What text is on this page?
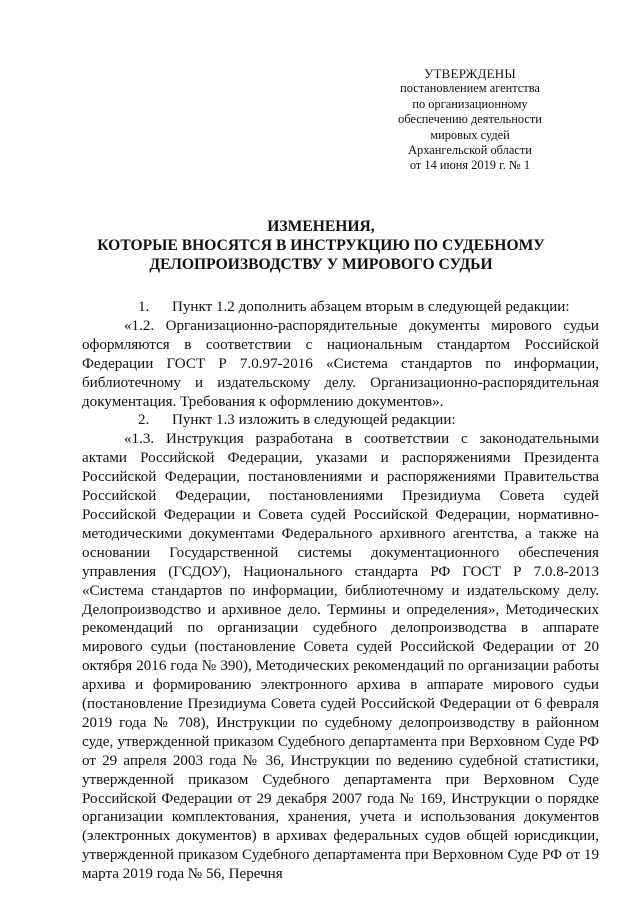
УТВЕРЖДЕНЫ
постановлением агентства
по организационному
обеспечению деятельности
мировых судей
Архангельской области
от 14 июня 2019 г. № 1
ИЗМЕНЕНИЯ,
КОТОРЫЕ ВНОСЯТСЯ В ИНСТРУКЦИЮ ПО СУДЕБНОМУ
ДЕЛОПРОИЗВОДСТВУ У МИРОВОГО СУДЬИ

1.      Пункт 1.2 дополнить абзацем вторым в следующей редакции:

«1.2. Организационно-распорядительные документы мирового судьи оформляются в соответствии с национальным стандартом Российской Федерации ГОСТ Р 7.0.97-2016 «Система стандартов по информации, библиотечному и издательскому делу. Организационно-распорядительная документация. Требования к оформлению документов».

2.      Пункт 1.3 изложить в следующей редакции:

«1.3. Инструкция разработана в соответствии с законодательными актами Российской Федерации, указами и распоряжениями Президента Российской Федерации, постановлениями и распоряжениями Правительства Российской Федерации, постановлениями Президиума Совета судей Российской Федерации и Совета судей Российской Федерации, нормативно-методическими документами Федерального архивного агентства, а также на основании Государственной системы документационного обеспечения управления (ГСДОУ), Национального стандарта РФ ГОСТ Р 7.0.8-2013 «Система стандартов по информации, библиотечному и издательскому делу. Делопроизводство и архивное дело. Термины и определения», Методических рекомендаций по организации судебного делопроизводства в аппарате мирового судьи (постановление Совета судей Российской Федерации от 20 октября 2016 года № 390), Методических рекомендаций по организации работы архива и формированию электронного архива в аппарате мирового судьи (постановление Президиума Совета судей Российской Федерации от 6 февраля 2019 года № 708), Инструкции по судебному делопроизводству в районном суде, утвержденной приказом Судебного департамента при Верховном Суде РФ от 29 апреля 2003 года № 36, Инструкции по ведению судебной статистики, утвержденной приказом Судебного департамента при Верховном Суде Российской Федерации от 29 декабря 2007 года № 169, Инструкции о порядке организации комплектования, хранения, учета и использования документов (электронных документов) в архивах федеральных судов общей юрисдикции, утвержденной приказом Судебного департамента при Верховном Суде РФ от 19 марта 2019 года № 56, Перечня
